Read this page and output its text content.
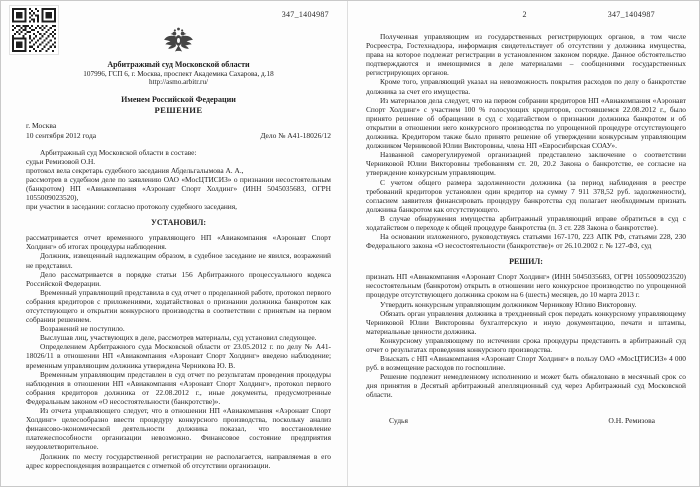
347_1404987
Арбитражный суд Московской области
107996, ГСП 6, г. Москва, проспект Академика Сахарова, д.18
http://asmo.arbitr.ru/
Именем Российской Федерации
РЕШЕНИЕ
г. Москва
10 сентября 2012 года	Дело № А41-18026/12

Арбитражный суд Московской области в составе:

судьи Ремизовой О.Н.

протокол вела секретарь судебного заседания Абдельгалымова А. А.,

рассмотрев в судебном деле по заявлению ОАО «МосЦТИСИЗ» о признании несостоятельным (банкротом) НП «Авиакомпания «Аэронавт Спорт Холдинг» (ИНН 5045035683, ОГРН 1055009023520),

при участии в заседании: согласно протоколу судебного заседания,

УСТАНОВИЛ:

рассматривается отчет временного управляющего НП «Авиакомпания «Аэронавт Спорт Холдинг» об итогах процедуры наблюдения.

Должник, извещенный надлежащим образом, в судебное заседание не явился, возражений не представил.

Дело рассматривается в порядке статьи 156 Арбитражного процессуального кодекса Российской Федерации.

Временный управляющий представила в суд отчет о проделанной работе, протокол первого собрания кредиторов с приложениями, ходатайствовал о признании должника банкротом как отсутствующего и открытии конкурсного производства в соответствии с принятым на первом собрании решением.

Возражений не поступило.

Выслушав лиц, участвующих в деле, рассмотрев материалы, суд установил следующее.

Определением Арбитражного суда Московской области от 23.05.2012 г. по делу № А41-18026/11 в отношении НП «Авиакомпания «Аэронавт Спорт Холдинг» введено наблюдение; временным управляющим должника утверждена Черникова Ю. В.

Временным управляющим представлен в суд отчет по результатам проведения процедуры наблюдения в отношении НП «Авиакомпания «Аэронавт Спорт Холдинг», протокол первого собрания кредиторов должника от 22.08.2012 г., иные документы, предусмотренные Федеральным законом «О несостоятельности (банкротстве)».

Из отчета управляющего следует, что в отношении НП «Авиакомпания «Аэронавт Спорт Холдинг» целесообразно ввести процедуру конкурсного производства, поскольку анализ финансово-экономической деятельности должника показал, что восстановление платежеспособности организации невозможно. Финансовое состояние предприятия неудовлетворительное.

Должник по месту государственной регистрации не располагается, направляемая в его адрес корреспонденция возвращается с отметкой об отсутствии организации.

2	347_1404987

Полученная управляющим из государственных регистрирующих органов, в том числе Росреестра, Гостехнадзора, информация свидетельствует об отсутствии у должника имущества, права на которое подлежат регистрации в установленном законом порядке. Данное обстоятельство подтверждаются и имеющимися в деле материалами – сообщениями государственных регистрирующих органов.

Кроме того, управляющий указал на невозможность покрытия расходов по делу о банкротстве должника за счет его имущества.

Из материалов дела следует, что на первом собрании кредиторов НП «Авиакомпания «Аэронавт Спорт Холдинг» с участием 100 % голосующих кредиторов, состоявшемся 22.08.2012 г., было принято решение об обращении в суд с ходатайством о признании должника банкротом и об открытии в отношении него конкурсного производства по упрощенной процедуре отсутствующего должника. Кредитором также было принято решение об утверждении конкурсным управляющим должником Черниковой Юлии Викторовны, члена НП «Евросибирская СОАУ».

Названной саморегулируемой организацией представлено заключение о соответствии Черниковой Юлии Викторовны требованиям ст. 20, 20.2 Закона о банкротстве, ее согласие на утверждение конкурсным управляющим.

С учетом общего размера задолженности должника (за период наблюдения в реестре требований кредиторов установлен один кредитор на сумму 7 911 378,52 руб. задолженности), согласием заявителя финансировать процедуру банкротства суд полагает необходимым признать должника банкротом как отсутствующего.

В случае обнаружения имущества арбитражный управляющий вправе обратиться в суд с ходатайством о переходе к общей процедуре банкротства (п. 3 ст. 228 Закона о банкротстве).

На основании изложенного, руководствуясь статьями 167-170, 223 АПК РФ, статьями 228, 230 Федерального закона «О несостоятельности (банкротстве)» от 26.10.2002 г. № 127-ФЗ, суд

РЕШИЛ:

признать НП «Авиакомпания «Аэронавт Спорт Холдинг» (ИНН 5045035683, ОГРН 1055009023520) несостоятельным (банкротом) открыть в отношении него конкурсное производство по упрощенной процедуре отсутствующего должника сроком на 6 (шесть) месяцев, до 10 марта 2013 г.

Утвердить конкурсным управляющим должником Черникову Юлию Викторовну.

Обязать орган управления должника в трехдневный срок передать конкурсному управляющему Черниковой Юлии Викторовны бухгалтерскую и иную документацию, печати и штампы, материальные ценности должника.

Конкурсному управляющему по истечении срока процедуры представить в арбитражный суд отчет о результатах проведения конкурсного производства.

Взыскать с НП «Авиакомпания «Аэронавт Спорт Холдинг» в пользу ОАО «МосЦТИСИЗ» 4 000 руб. в возмещение расходов по госпошлине.

Решение подлежит немедленному исполнению и может быть обжаловано в месячный срок со дня принятия в Десятый арбитражный апелляционный суд через Арбитражный суд Московской области.

Судья	О.Н. Ремизова
